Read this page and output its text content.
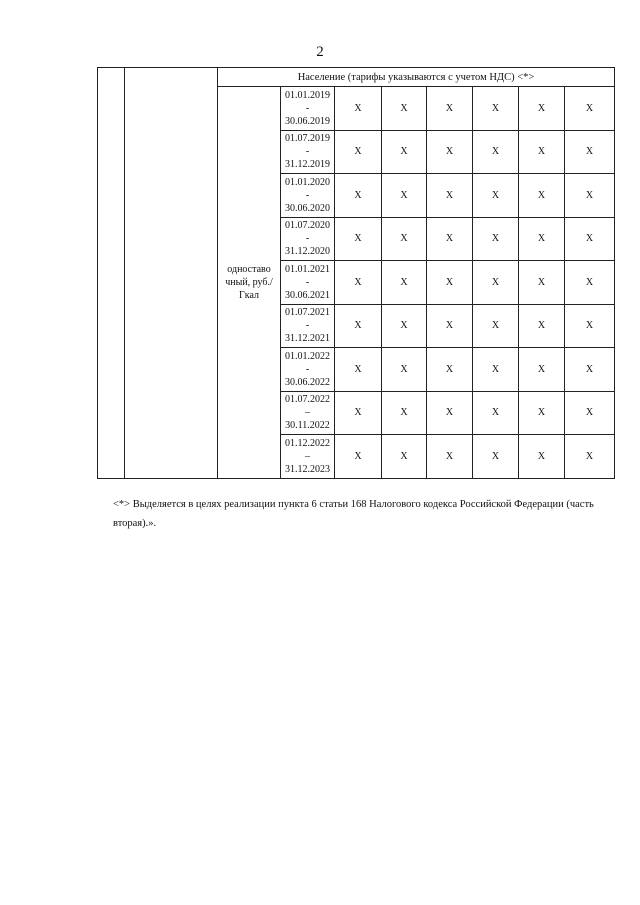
2
		Население (тарифы указываются с учетом НДС) <*>							
		одноставо чный, руб./Гкал	01.01.2019
-
30.06.2019	X	X	X	X	X	X

			01.07.2019
-
31.12.2019	X	X	X	X	X	X

			01.01.2020
-
30.06.2020	X	X	X	X	X	X

			01.07.2020
-
31.12.2020	X	X	X	X	X	X

			01.01.2021
-
30.06.2021	X	X	X	X	X	X

			01.07.2021
-
31.12.2021	X	X	X	X	X	X

			01.01.2022
-
30.06.2022	X	X	X	X	X	X

			01.07.2022
–
30.11.2022	X	X	X	X	X	X

			01.12.2022
–
31.12.2023	X	X	X	X	X	X
<*> Выделяется в целях реализации пункта 6 статьи 168 Налогового кодекса Российской Федерации (часть вторая).».
